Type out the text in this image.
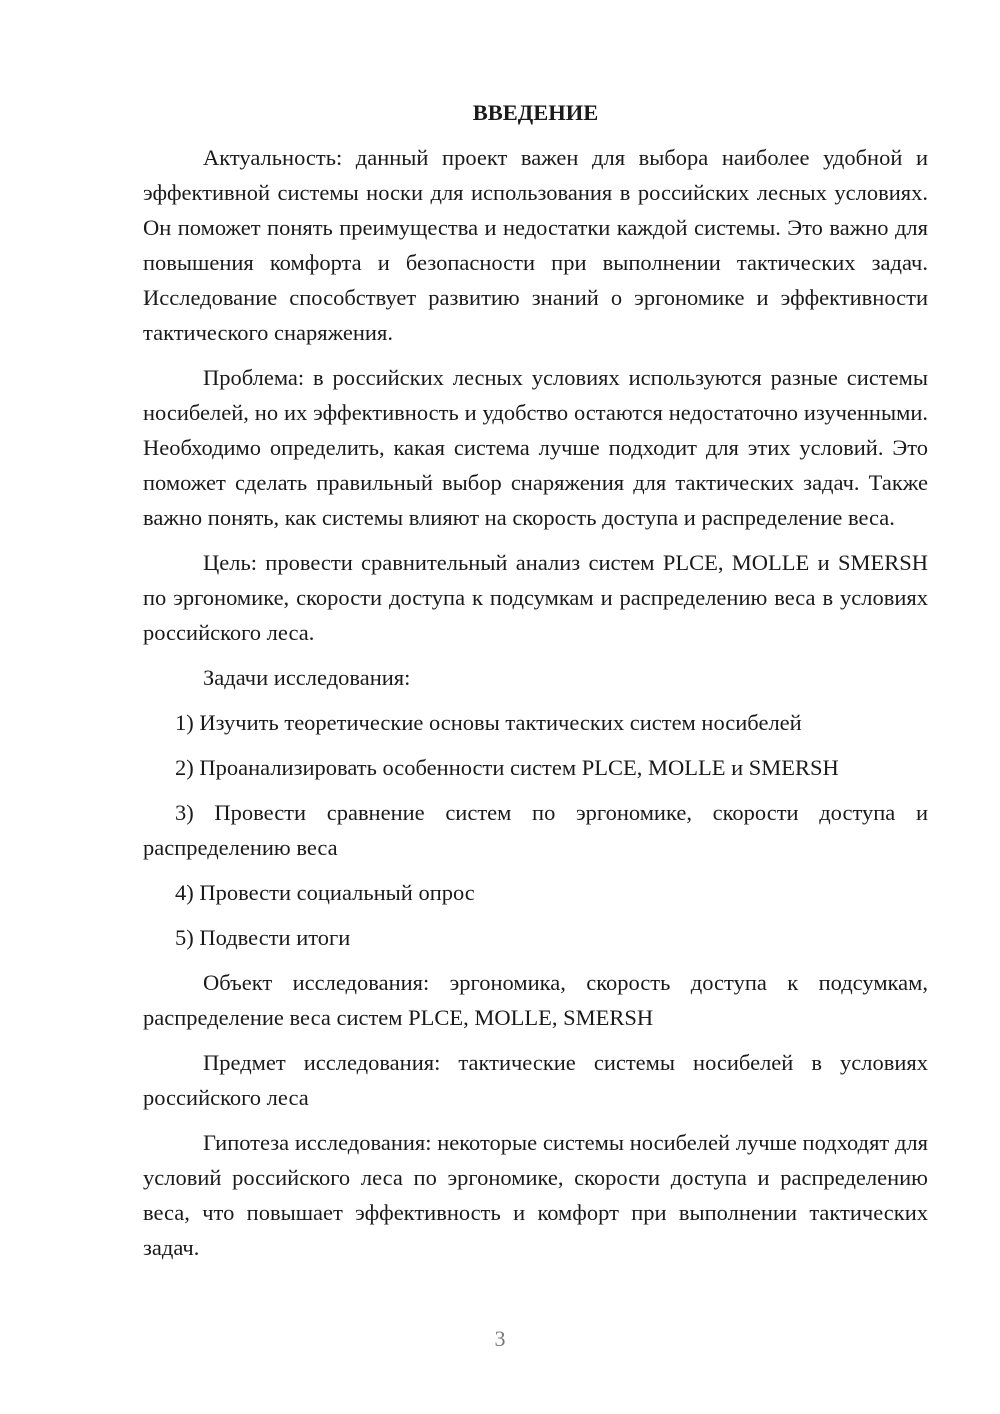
ВВЕДЕНИЕ

Актуальность: данный проект важен для выбора наиболее удобной и эффективной системы носки для использования в российских лесных условиях. Он поможет понять преимущества и недостатки каждой системы. Это важно для повышения комфорта и безопасности при выполнении тактических задач. Исследование способствует развитию знаний о эргономике и эффективности тактического снаряжения.

Проблема: в российских лесных условиях используются разные системы носибелей, но их эффективность и удобство остаются недостаточно изученными. Необходимо определить, какая система лучше подходит для этих условий. Это поможет сделать правильный выбор снаряжения для тактических задач. Также важно понять, как системы влияют на скорость доступа и распределение веса.

Цель: провести сравнительный анализ систем PLCE, MOLLE и SMERSH по эргономике, скорости доступа к подсумкам и распределению веса в условиях российского леса.

Задачи исследования:

1) Изучить теоретические основы тактических систем носибелей

2) Проанализировать особенности систем PLCE, MOLLE и SMERSH

3) Провести сравнение систем по эргономике, скорости доступа и распределению веса

4) Провести социальный опрос

5) Подвести итоги

Объект исследования: эргономика, скорость доступа к подсумкам, распределение веса систем PLCE, MOLLE, SMERSH

Предмет исследования: тактические системы носибелей в условиях российского леса

Гипотеза исследования: некоторые системы носибелей лучше подходят для условий российского леса по эргономике, скорости доступа и распределению веса, что повышает эффективность и комфорт при выполнении тактических задач.

3
